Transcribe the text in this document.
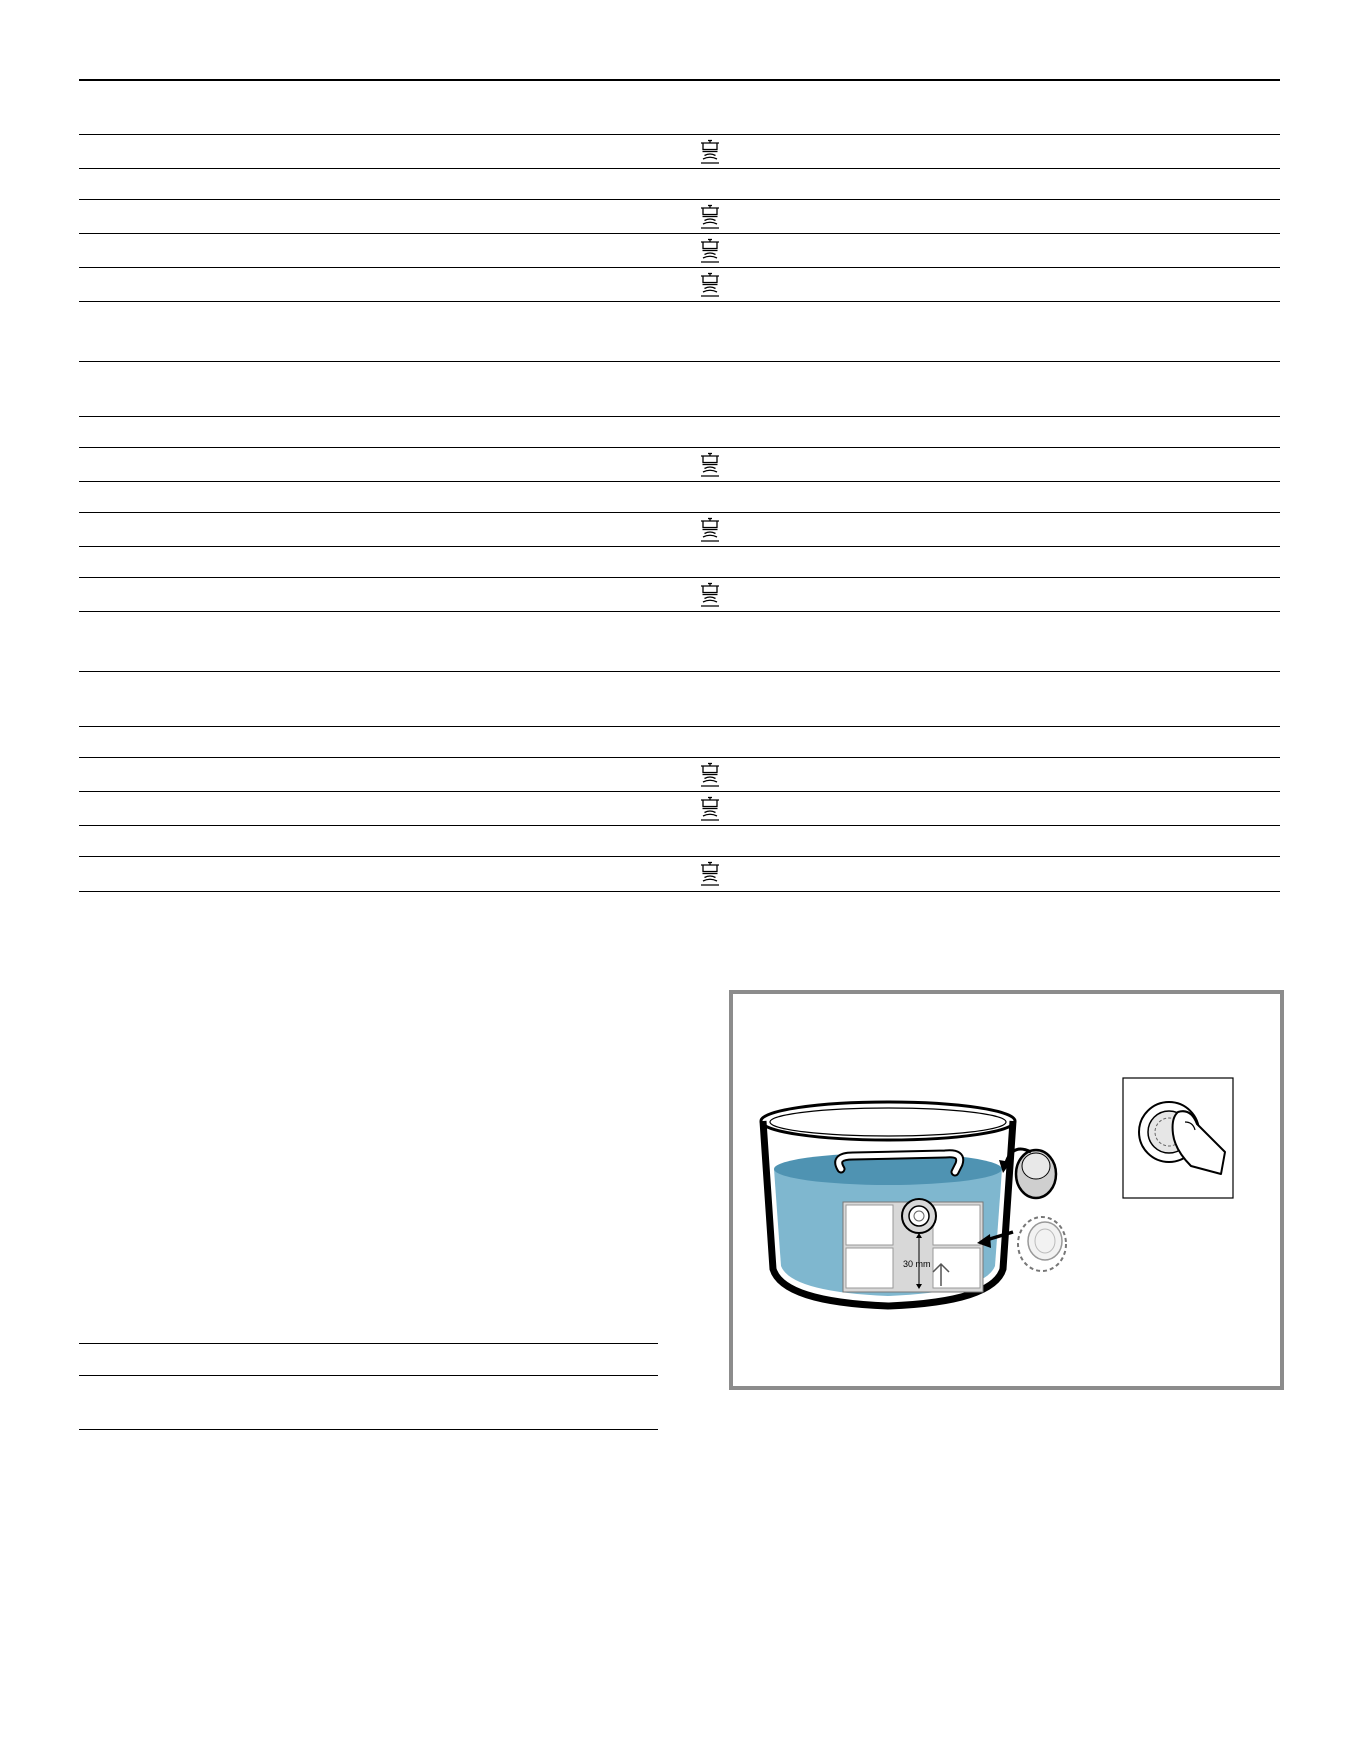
30 mm
